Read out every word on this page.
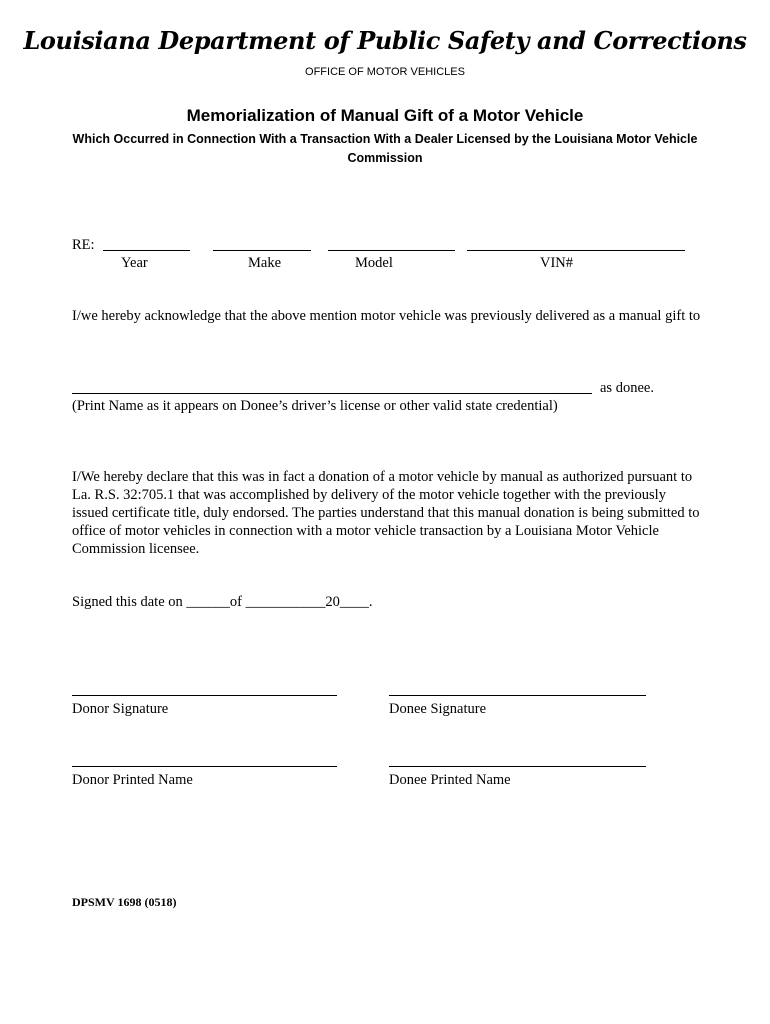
Louisiana Department of Public Safety and Corrections
OFFICE OF MOTOR VEHICLES
Memorialization of Manual Gift of a Motor Vehicle
Which Occurred in Connection With a Transaction With a Dealer Licensed by the Louisiana Motor Vehicle Commission
RE:
Year	Make	Model	VIN#
I/we hereby acknowledge that the above mention motor vehicle was previously delivered as a manual gift to
as donee.
(Print Name as it appears on Donee’s driver’s license or other valid state credential)
I/We hereby declare that this was in fact a donation of a motor vehicle by manual as authorized pursuant to La. R.S. 32:705.1 that was accomplished by delivery of the motor vehicle together with the previously issued certificate title, duly endorsed. The parties understand that this manual donation is being submitted to office of motor vehicles in connection with a motor vehicle transaction by a Louisiana Motor Vehicle Commission licensee.
Signed this date on ______of ___________20____.
Donor Signature	Donee Signature
Donor Printed Name	Donee Printed Name
DPSMV 1698 (0518)
